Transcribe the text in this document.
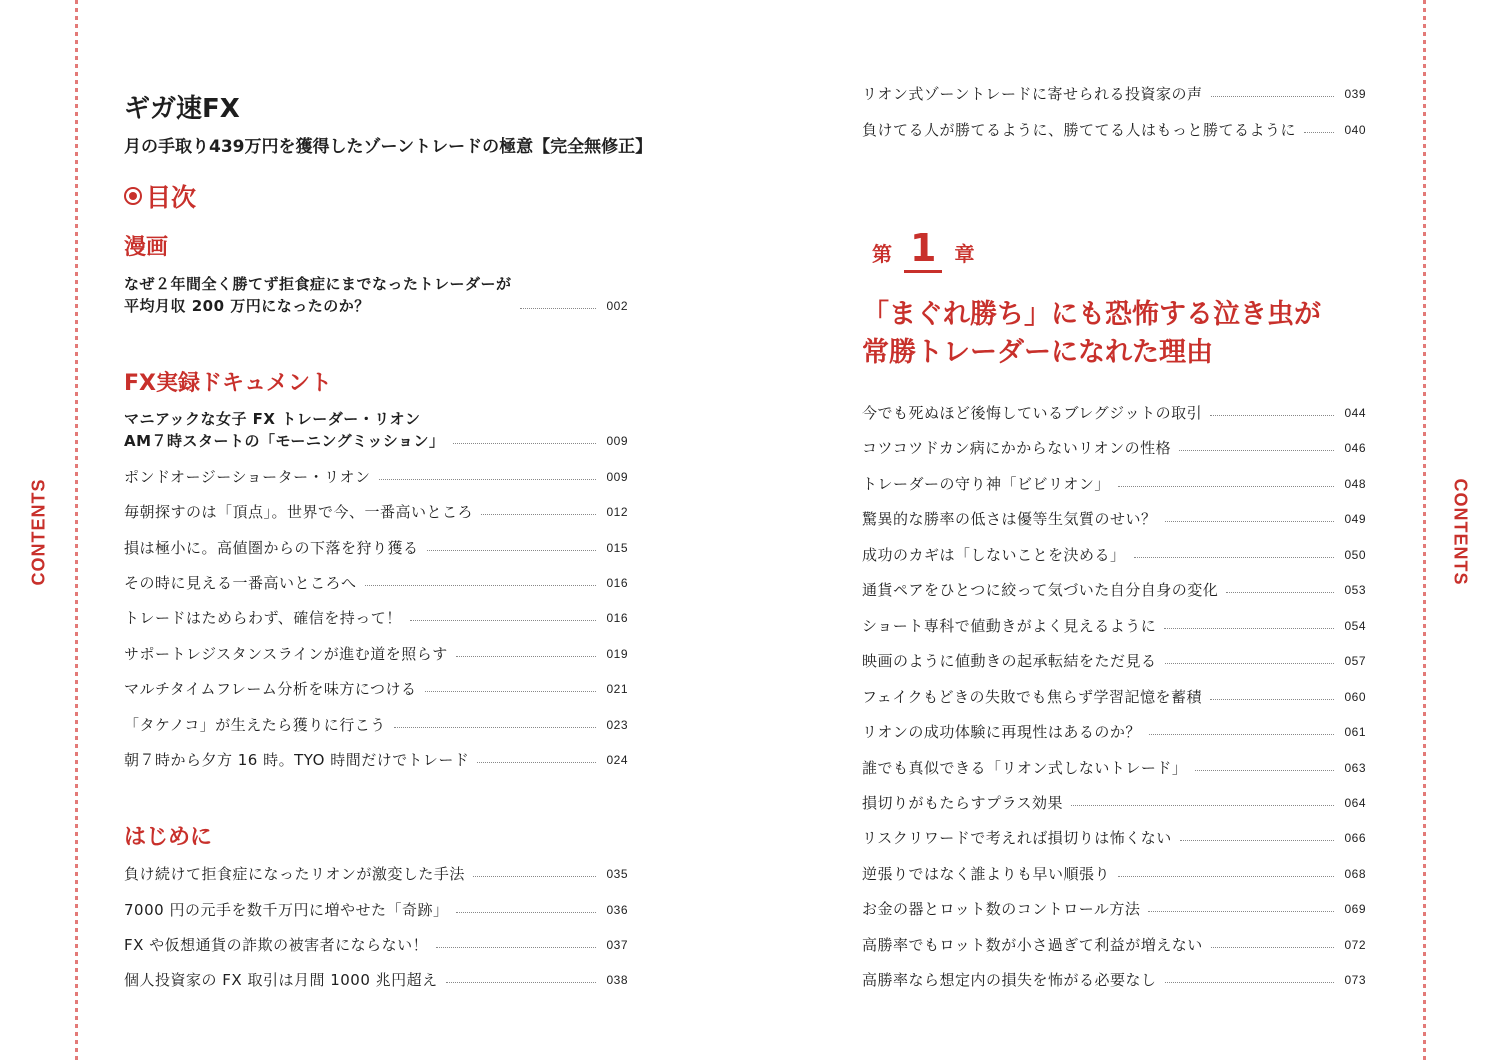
CONTENTS	CONTENTS
ギガ速FX
月の手取り439万円を獲得したゾーントレードの極意【完全無修正】
目次
漫画
なぜ２年間全く勝てず拒食症にまでなったトレーダーが
平均月収 200 万円になったのか？	002
FX実録ドキュメント
マニアックな女子 FX トレーダー・リオン
AM７時スタートの「モーニングミッション」	009
ポンドオージーショーター・リオン	009
毎朝探すのは「頂点」。世界で今、一番高いところ	012
損は極小に。高値圏からの下落を狩り獲る	015
その時に見える一番高いところへ	016
トレードはためらわず、確信を持って！	016
サポートレジスタンスラインが進む道を照らす	019
マルチタイムフレーム分析を味方につける	021
「タケノコ」が生えたら獲りに行こう	023
朝７時から夕方 16 時。TYO 時間だけでトレード	024
はじめに
負け続けて拒食症になったリオンが激変した手法	035
7000 円の元手を数千万円に増やせた「奇跡」	036
FX や仮想通貨の詐欺の被害者にならない！	037
個人投資家の FX 取引は月間 1000 兆円超え	038
リオン式ゾーントレードに寄せられる投資家の声	039
負けてる人が勝てるように、勝ててる人はもっと勝てるように	040
第 1 章
「まぐれ勝ち」にも恐怖する泣き虫が
常勝トレーダーになれた理由
今でも死ぬほど後悔しているブレグジットの取引	044
コツコツドカン病にかからないリオンの性格	046
トレーダーの守り神「ビビリオン」	048
驚異的な勝率の低さは優等生気質のせい？	049
成功のカギは「しないことを決める」	050
通貨ペアをひとつに絞って気づいた自分自身の変化	053
ショート専科で値動きがよく見えるように	054
映画のように値動きの起承転結をただ見る	057
フェイクもどきの失敗でも焦らず学習記憶を蓄積	060
リオンの成功体験に再現性はあるのか？	061
誰でも真似できる「リオン式しないトレード」	063
損切りがもたらすプラス効果	064
リスクリワードで考えれば損切りは怖くない	066
逆張りではなく誰よりも早い順張り	068
お金の器とロット数のコントロール方法	069
高勝率でもロット数が小さ過ぎて利益が増えない	072
高勝率なら想定内の損失を怖がる必要なし	073
